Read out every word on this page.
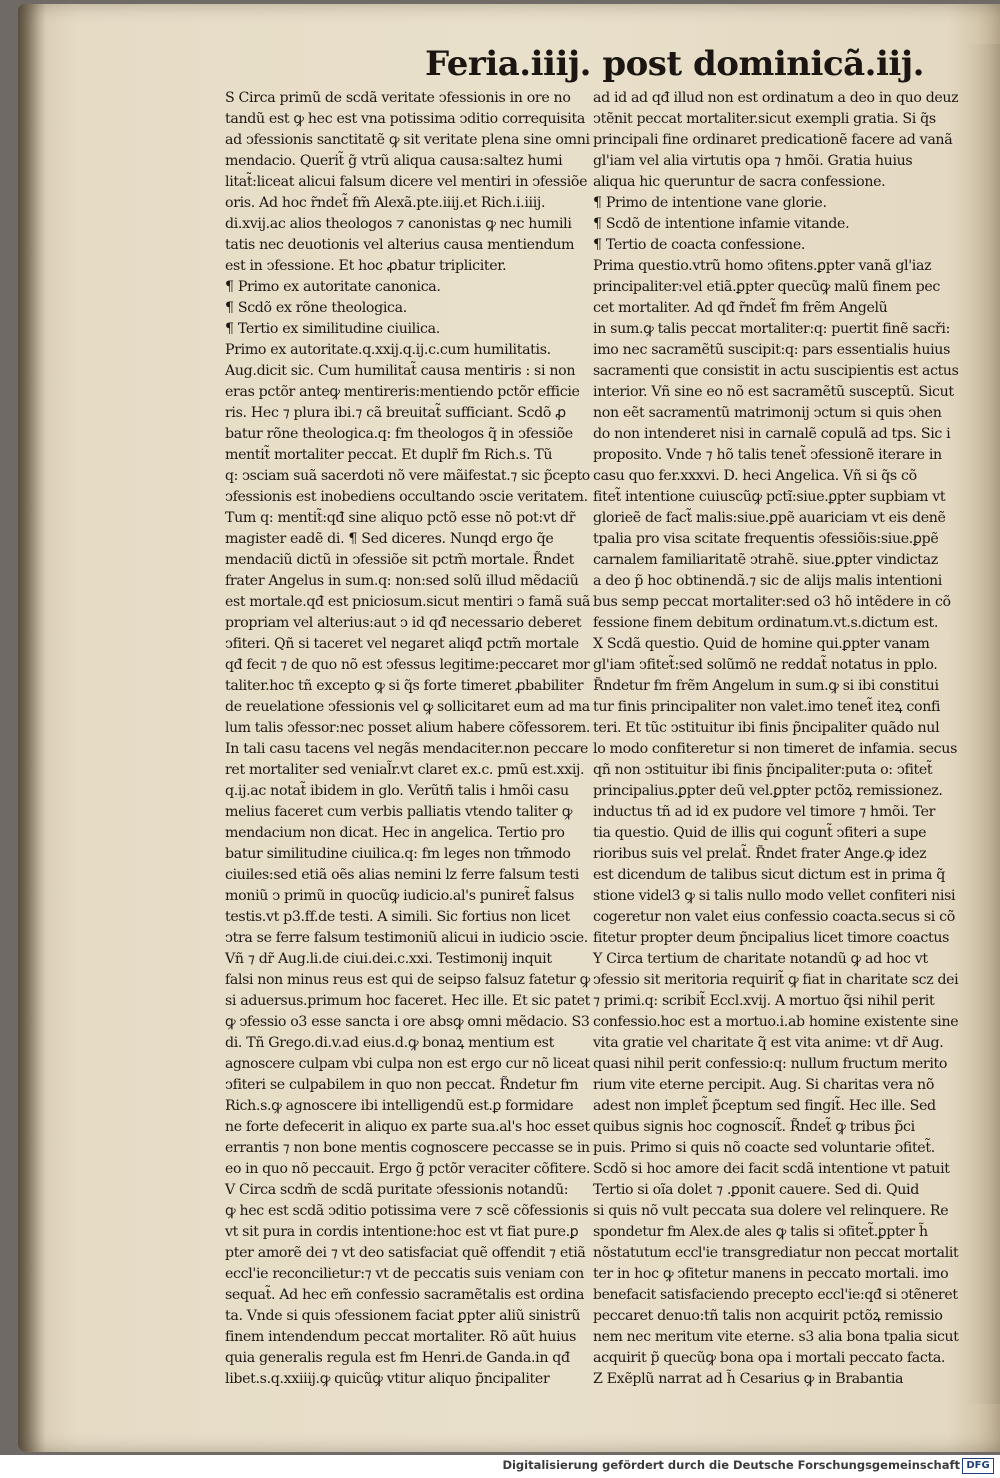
Feria.iiij. post dominicã.iij.
S Circa primũ de scdã veritate ↄfessionis in ore no
tandũ est ꝙ hec est vna potissima ↄditio correquisita
ad ↄfessionis sanctitatẽ ꝙ sit veritate plena sine omni
mendacio. Querit̃ g̃ vtrũ aliqua causa:saltez humi
litat̃:liceat alicui falsum dicere vel mentiri in ↄfessiõe
oris. Ad hoc r̃ndet̃ fm̃ Alexã.pte.iiij.et Rich.i.iiij.
di.xvij.ac alios theologos ⁊ canonistas ꝙ nec humili
tatis nec deuotionis vel alterius causa mentiendum
est in ↄfessione. Et hoc ꝓbatur tripliciter.
¶ Primo ex autoritate canonica.
¶ Scdõ ex rõne theologica.
¶ Tertio ex similitudine ciuilica.
Primo ex autoritate.q.xxij.q.ij.c.cum humilitatis.
Aug.dicit sic. Cum humilitat̃ causa mentiris : si non
eras pctõr anteꝙ mentireris:mentiendo pctõr efficie
ris. Hec ⁊ plura ibi.⁊ cã breuitat̃ sufficiant. Scdõ ꝓ
batur rõne theologica.q: fm theologos q̃ in ↄfessiõe
mentit̃ mortaliter peccat. Et duplr̃ fm Rich.s. Tũ
q: ↄsciam suã sacerdoti nõ vere mãifestat.⁊ sic p̃cepto
ↄfessionis est inobediens occultando ↄscie veritatem.
Tum q: mentit̃:qđ sine aliquo pctõ esse nõ pot:vt dr̃
magister eadẽ di. ¶ Sed diceres. Nunqd ergo q̃e
mendaciũ dictũ in ↄfessiõe sit pctm̃ mortale. R̃ndet
frater Angelus in sum.q: non:sed solũ illud mẽdaciũ
est mortale.qđ est pniciosum.sicut mentiri ↄ famã suã
propriam vel alterius:aut ↄ id qđ necessario deberet
ↄfiteri. Qñ si taceret vel negaret aliqđ pctm̃ mortale
qđ fecit ⁊ de quo nõ est ↄfessus legitime:peccaret mor
taliter.hoc tñ excepto ꝙ si q̃s forte timeret ꝓbabiliter
de reuelatione ↄfessionis vel ꝙ sollicitaret eum ad ma
lum talis ↄfessor:nec posset alium habere cõfessorem.
In tali casu tacens vel negãs mendaciter.non peccare
ret mortaliter sed venial̃r.vt claret ex.c. pmũ est.xxij.
q.ij.ac notat̃ ibidem in glo. Verũtñ talis i hmõi casu
melius faceret cum verbis palliatis vtendo taliter ꝙ
mendacium non dicat. Hec in angelica. Tertio pro
batur similitudine ciuilica.q: fm leges non tm̃modo
ciuiles:sed etiã oẽs alias nemini lz ferre falsum testi
moniũ ↄ primũ in quocũꝙ iudicio.al's puniret̃ falsus
testis.vt p3.ff.de testi. A simili. Sic fortius non licet
ↄtra se ferre falsum testimoniũ alicui in iudicio ↄscie.
Vñ ⁊ dr̃ Aug.li.de ciui.dei.c.xxi. Testimonij inquit
falsi non minus reus est qui de seipso falsuz fatetur ꝙ
si aduersus.primum hoc faceret. Hec ille. Et sic patet
ꝙ ↄfessio o3 esse sancta i ore absꝙ omni mẽdacio. S3
di. Tñ Grego.di.v.ad eius.d.ꝙ bonaꝝ mentium est
agnoscere culpam vbi culpa non est ergo cur nõ liceat
ↄfiteri se culpabilem in quo non peccat. R̃ndetur fm
Rich.s.ꝙ agnoscere ibi intelligendũ est.ꝑ formidare
ne forte defecerit in aliquo ex parte sua.al's hoc esset
errantis ⁊ non bone mentis cognoscere peccasse se in
eo in quo nõ peccauit. Ergo g̃ pctõr veraciter cõfitere.
V Circa scdm̃ de scdã puritate ↄfessionis notandũ:
ꝙ hec est scdã ↄditio potissima vere ⁊ scẽ cõfessionis
vt sit pura in cordis intentione:hoc est vt fiat pure.ꝑ
pter amorẽ dei ⁊ vt deo satisfaciat quẽ offendit ⁊ etiã
eccl'ie reconcilietur:⁊ vt de peccatis suis veniam con
sequat̃. Ad hec em̃ confessio sacramẽtalis est ordina
ta. Vnde si quis ↄfessionem faciat ꝑpter aliũ sinistrũ
finem intendendum peccat mortaliter. Rõ aũt huius
quia generalis regula est fm Henri.de Ganda.in qđ
libet.s.q.xxiiij.ꝙ quicũꝙ vtitur aliquo p̃ncipaliter
ad id ad qđ illud non est ordinatum a deo in quo deuz
ↄtẽnit peccat mortaliter.sicut exempli gratia. Si q̃s
principali fine ordinaret predicationẽ facere ad vanã
gl'iam vel alia virtutis opa ⁊ hmõi. Gratia huius
aliqua hic queruntur de sacra confessione.
¶ Primo de intentione vane glorie.
¶ Scdõ de intentione infamie vitande.
¶ Tertio de coacta confessione.
Prima questio.vtrũ homo ↄfitens.ꝑpter vanã gl'iaz
principaliter:vel etiã.ꝑpter quecũꝙ malũ finem pec
cet mortaliter. Ad qđ r̃ndet̃ fm frẽm Angelũ
in sum.ꝙ talis peccat mortaliter:q: puertit finẽ sacři:
imo nec sacramẽtũ suscipit:q: pars essentialis huius
sacramenti que consistit in actu suscipientis est actus
interior. Vñ sine eo nõ est sacramẽtũ susceptũ. Sicut
non eẽt sacramentũ matrimonij ↄctum si quis ↄhen
do non intenderet nisi in carnalẽ copulã ad tps. Sic i
proposito. Vnde ⁊ hõ talis tenet̃ ↄfessionẽ iterare in
casu quo fer.xxxvi. D. heci Angelica. Vñ si q̃s cõ
fitet̃ intentione cuiuscũꝙ pctĩ:siue.ꝑpter supbiam vt
glorieẽ de fact̃ malis:siue.ꝑpẽ auariciam vt eis denẽ
tpalia pro visa scitate frequentis ↄfessiõis:siue.ꝑpẽ
carnalem familiaritatẽ ↄtrahẽ. siue.ꝑpter vindictaz
a deo p̃ hoc obtinendã.⁊ sic de alijs malis intentioni
bus semp peccat mortaliter:sed o3 hõ intẽdere in cõ
fessione finem debitum ordinatum.vt.s.dictum est.
X Scdã questio. Quid de homine qui.ꝑpter vanam
gl'iam ↄfitet̃:sed solũmõ ne reddat̃ notatus in pplo.
R̃ndetur fm frẽm Angelum in sum.ꝙ si ibi constitui
tur finis principaliter non valet.imo tenet̃ iteꝝ confi
teri. Et tũc ↄstituitur ibi finis p̃ncipaliter quãdo nul
lo modo confiteretur si non timeret de infamia. secus
qñ non ↄstituitur ibi finis p̃ncipaliter:puta o: ↄfitet̃
principalius.ꝑpter deũ vel.ꝑpter pctõꝝ remissionez.
inductus tñ ad id ex pudore vel timore ⁊ hmõi. Ter
tia questio. Quid de illis qui cogunt̃ ↄfiteri a supe
rioribus suis vel prelat̃. R̃ndet frater Ange.ꝙ idez
est dicendum de talibus sicut dictum est in prima q̃
stione videl3 ꝙ si talis nullo modo vellet confiteri nisi
cogeretur non valet eius confessio coacta.secus si cõ
fitetur propter deum p̃ncipalius licet timore coactus
Y Circa tertium de charitate notandũ ꝙ ad hoc vt
ↄfessio sit meritoria requirit̃ ꝙ fiat in charitate scz dei
⁊ primi.q: scribit̃ Eccl.xvij. A mortuo q̃si nihil perit
confessio.hoc est a mortuo.i.ab homine existente sine
vita gratie vel charitate q̃ est vita anime: vt dr̃ Aug.
quasi nihil perit confessio:q: nullum fructum merito
rium vite eterne percipit. Aug. Si charitas vera nõ
adest non implet̃ p̃ceptum sed fingit̃. Hec ille. Sed
quibus signis hoc cognoscit̃. R̃ndet̃ ꝙ tribus p̃ci
puis. Primo si quis nõ coacte sed voluntarie ↄfitet̃.
Scdõ si hoc amore dei facit scdã intentione vt patuit
Tertio si oĩa dolet ⁊ .ꝑponit cauere. Sed di. Quid
si quis nõ vult peccata sua dolere vel relinquere. Re
spondetur fm Alex.de ales ꝙ talis si ↄfitet̃.ꝑpter h̃
nõstatutum eccl'ie transgrediatur non peccat mortalit
ter in hoc ꝙ ↄfitetur manens in peccato mortali. imo
benefacit satisfaciendo precepto eccl'ie:qđ si ↄtẽneret
peccaret denuo:tñ talis non acquirit pctõꝝ remissio
nem nec meritum vite eterne. s3 alia bona tpalia sicut
acquirit p̃ quecũꝙ bona opa i mortali peccato facta.
Z Exẽplũ narrat ad h̃ Cesarius ꝙ in Brabantia
Digitalisierung gefördert durch die Deutsche Forschungsgemeinschaft DFG
